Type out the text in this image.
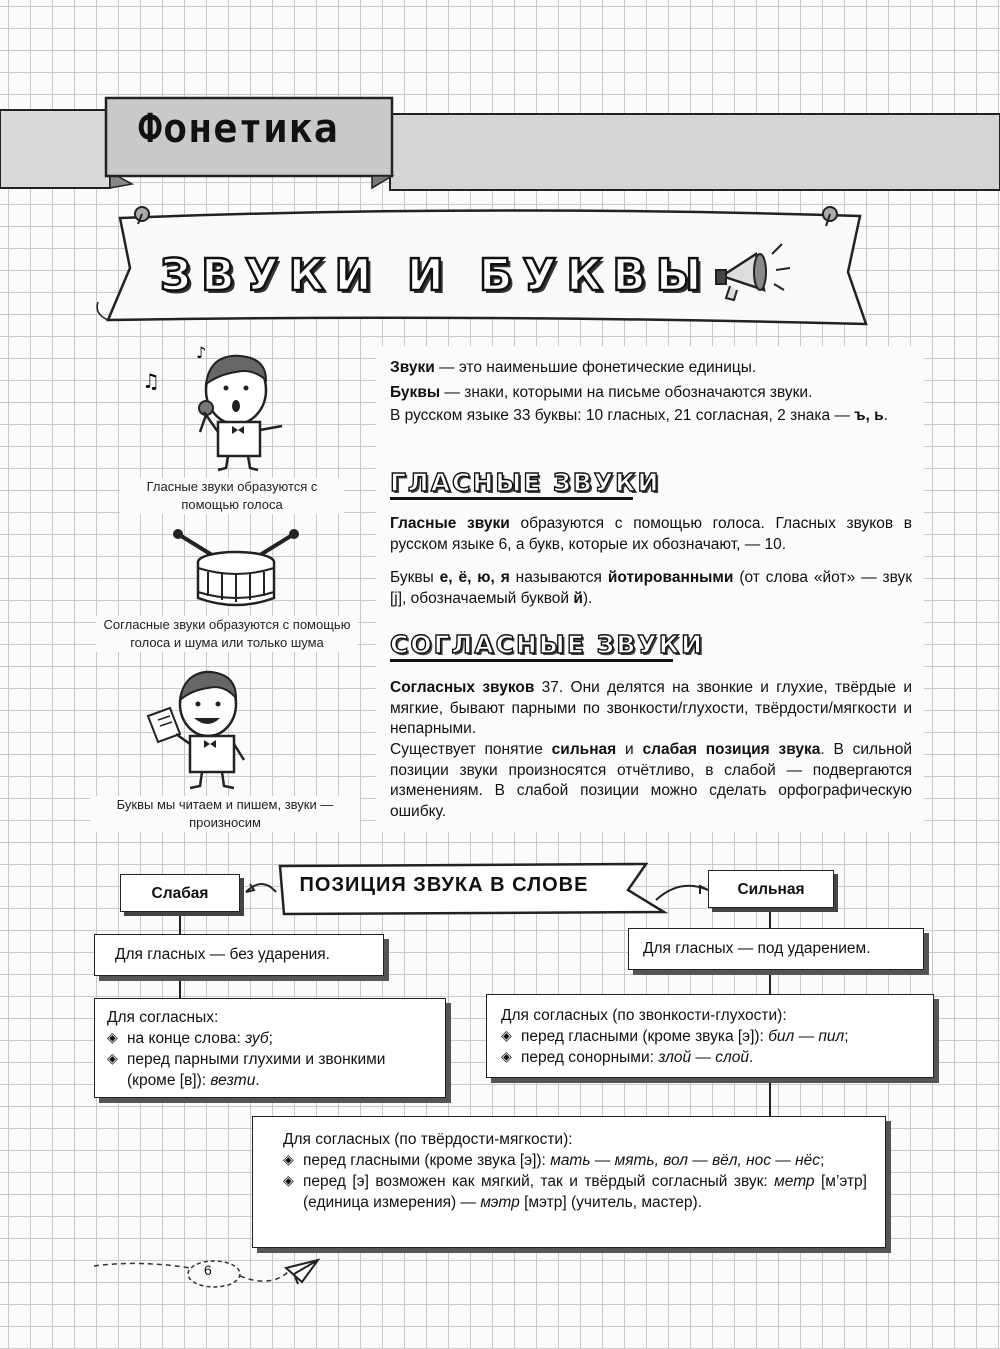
Фонетика
ЗВУКИ И БУКВЫ
♫
♪
Гласные звуки образуются с помощью голоса
Согласные звуки образуются с помощью голоса и шума или только шума
Буквы мы читаем и пишем, звуки — произносим
Звуки — это наименьшие фонетические единицы.
Буквы — знаки, которыми на письме обозначаются звуки.
В русском языке 33 буквы: 10 гласных, 21 согласная, 2 знака — ъ, ь.
ГЛАСНЫЕ ЗВУКИ
Гласные звуки образуются с помощью голоса. Гласных звуков в русском языке 6, а букв, которые их обозначают, — 10.
Буквы е, ё, ю, я называются йотированными (от слова «йот» — звук [j], обозначаемый буквой й).
СОГЛАСНЫЕ ЗВУКИ
Согласных звуков 37. Они делятся на звонкие и глухие, твёрдые и мягкие, бывают парными по звонкости/глухости, твёрдости/мягкости и непарными.
Существует понятие сильная и слабая позиция звука. В сильной позиции звуки произносятся отчётливо, в слабой — подвергаются изменениям. В слабой позиции можно сделать орфографическую ошибку.
ПОЗИЦИЯ ЗВУКА В СЛОВЕ
Слабая	Сильная
Для гласных — без ударения.	Для гласных — под ударением.
Для согласных:
◈ на конце слова: зуб;
◈ перед парными глухими и звонкими (кроме [в]): везти.
Для согласных (по звонкости-глухости):
◈ перед гласными (кроме звука [э]): бил — пил;
◈ перед сонорными: злой — слой.
Для согласных (по твёрдости-мягкости):
◈ перед гласными (кроме звука [э]): мать — мять, вол — вёл, нос — нёс;
◈ перед [э] возможен как мягкий, так и твёрдый согласный звук: метр [м’этр] (единица измерения) — мэтр [мэтр] (учитель, мастер).
6
